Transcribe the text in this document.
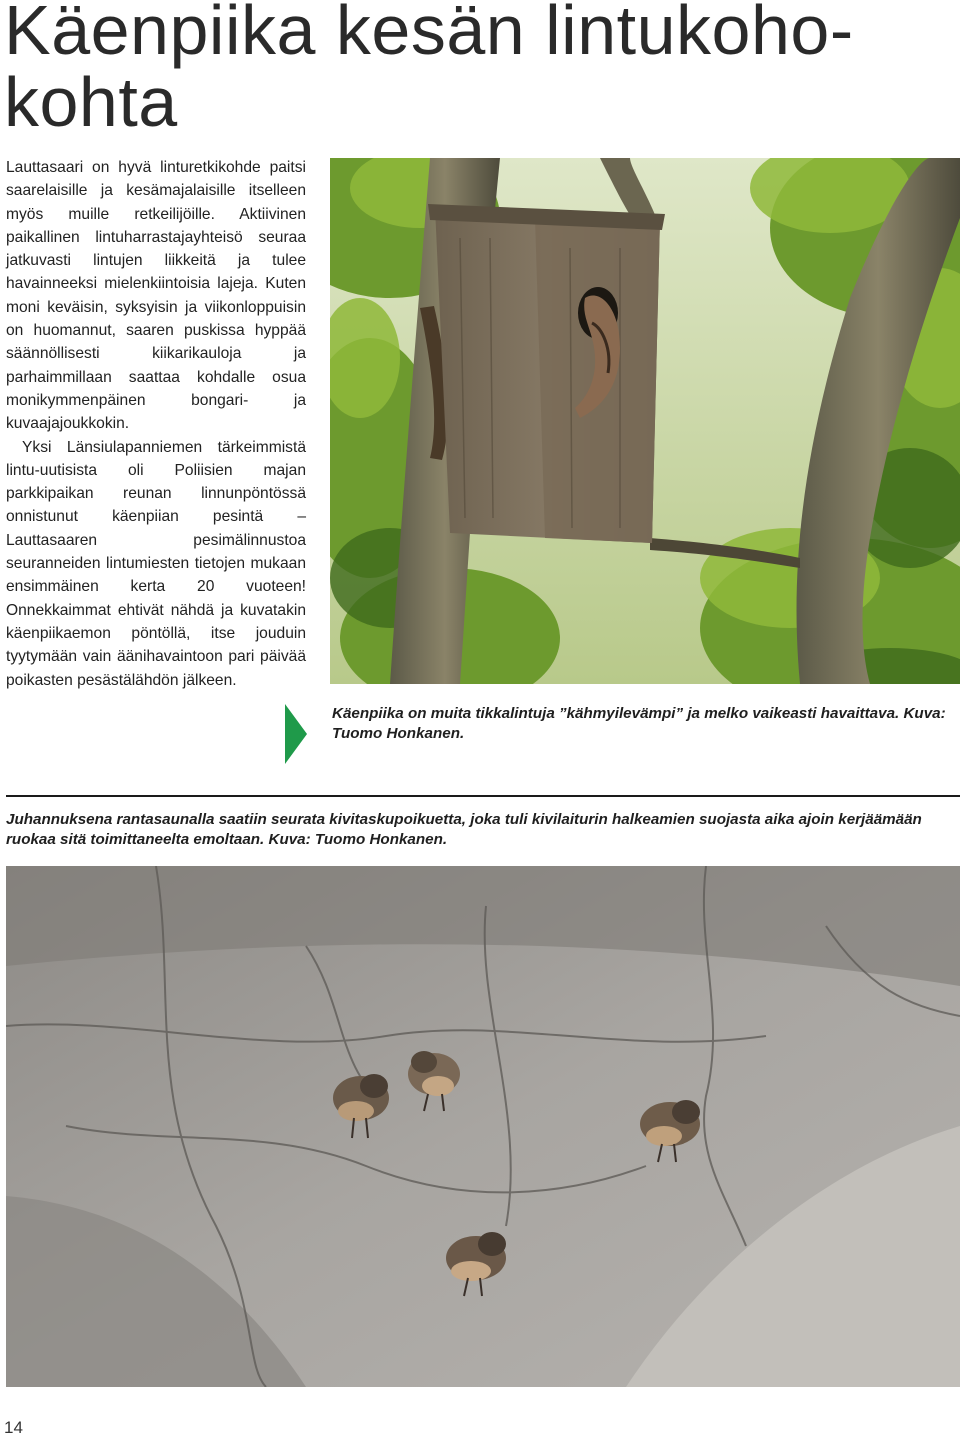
Käenpiika kesän lintukoho-
kohta

Lauttasaari on hyvä linturetkikohde paitsi saarelaisille ja kesämajalaisille itselleen myös muille retkeilijöille. Aktiivinen paikallinen lintuharrastajayhteisö seuraa jatkuvasti lintujen liikkeitä ja tulee havainneeksi mielenkiintoisia lajeja. Kuten moni keväisin, syksyisin ja viikonloppuisin on huomannut, saaren puskissa hyppää säännöllisesti kiikarikauloja ja parhaimmillaan saattaa kohdalle osua monikymmenpäinen bongari- ja kuvaajajoukkokin.

Yksi Länsiulapanniemen tärkeimmistä lintu-uutisista oli Poliisien majan parkkipaikan reunan linnunpöntössä onnistunut käenpiian pesintä – Lauttasaaren pesimälinnustoa seuranneiden lintumiesten tietojen mukaan ensimmäinen kerta 20 vuoteen! Onnekkaimmat ehtivät nähdä ja kuvatakin käenpiikaemon pöntöllä, itse jouduin tyytymään vain äänihavaintoon pari päivää poikasten pesästälähdön jälkeen.

Käenpiika on muita tikkalintuja ”kähmyilevämpi” ja melko vaikeasti havaittava. Kuva: Tuomo Honkanen.

Juhannuksena rantasaunalla saatiin seurata kivitaskupoikuetta, joka tuli kivilaiturin halkeamien suojasta aika ajoin kerjäämään ruokaa sitä toimittaneelta emoltaan. Kuva: Tuomo Honkanen.

14
